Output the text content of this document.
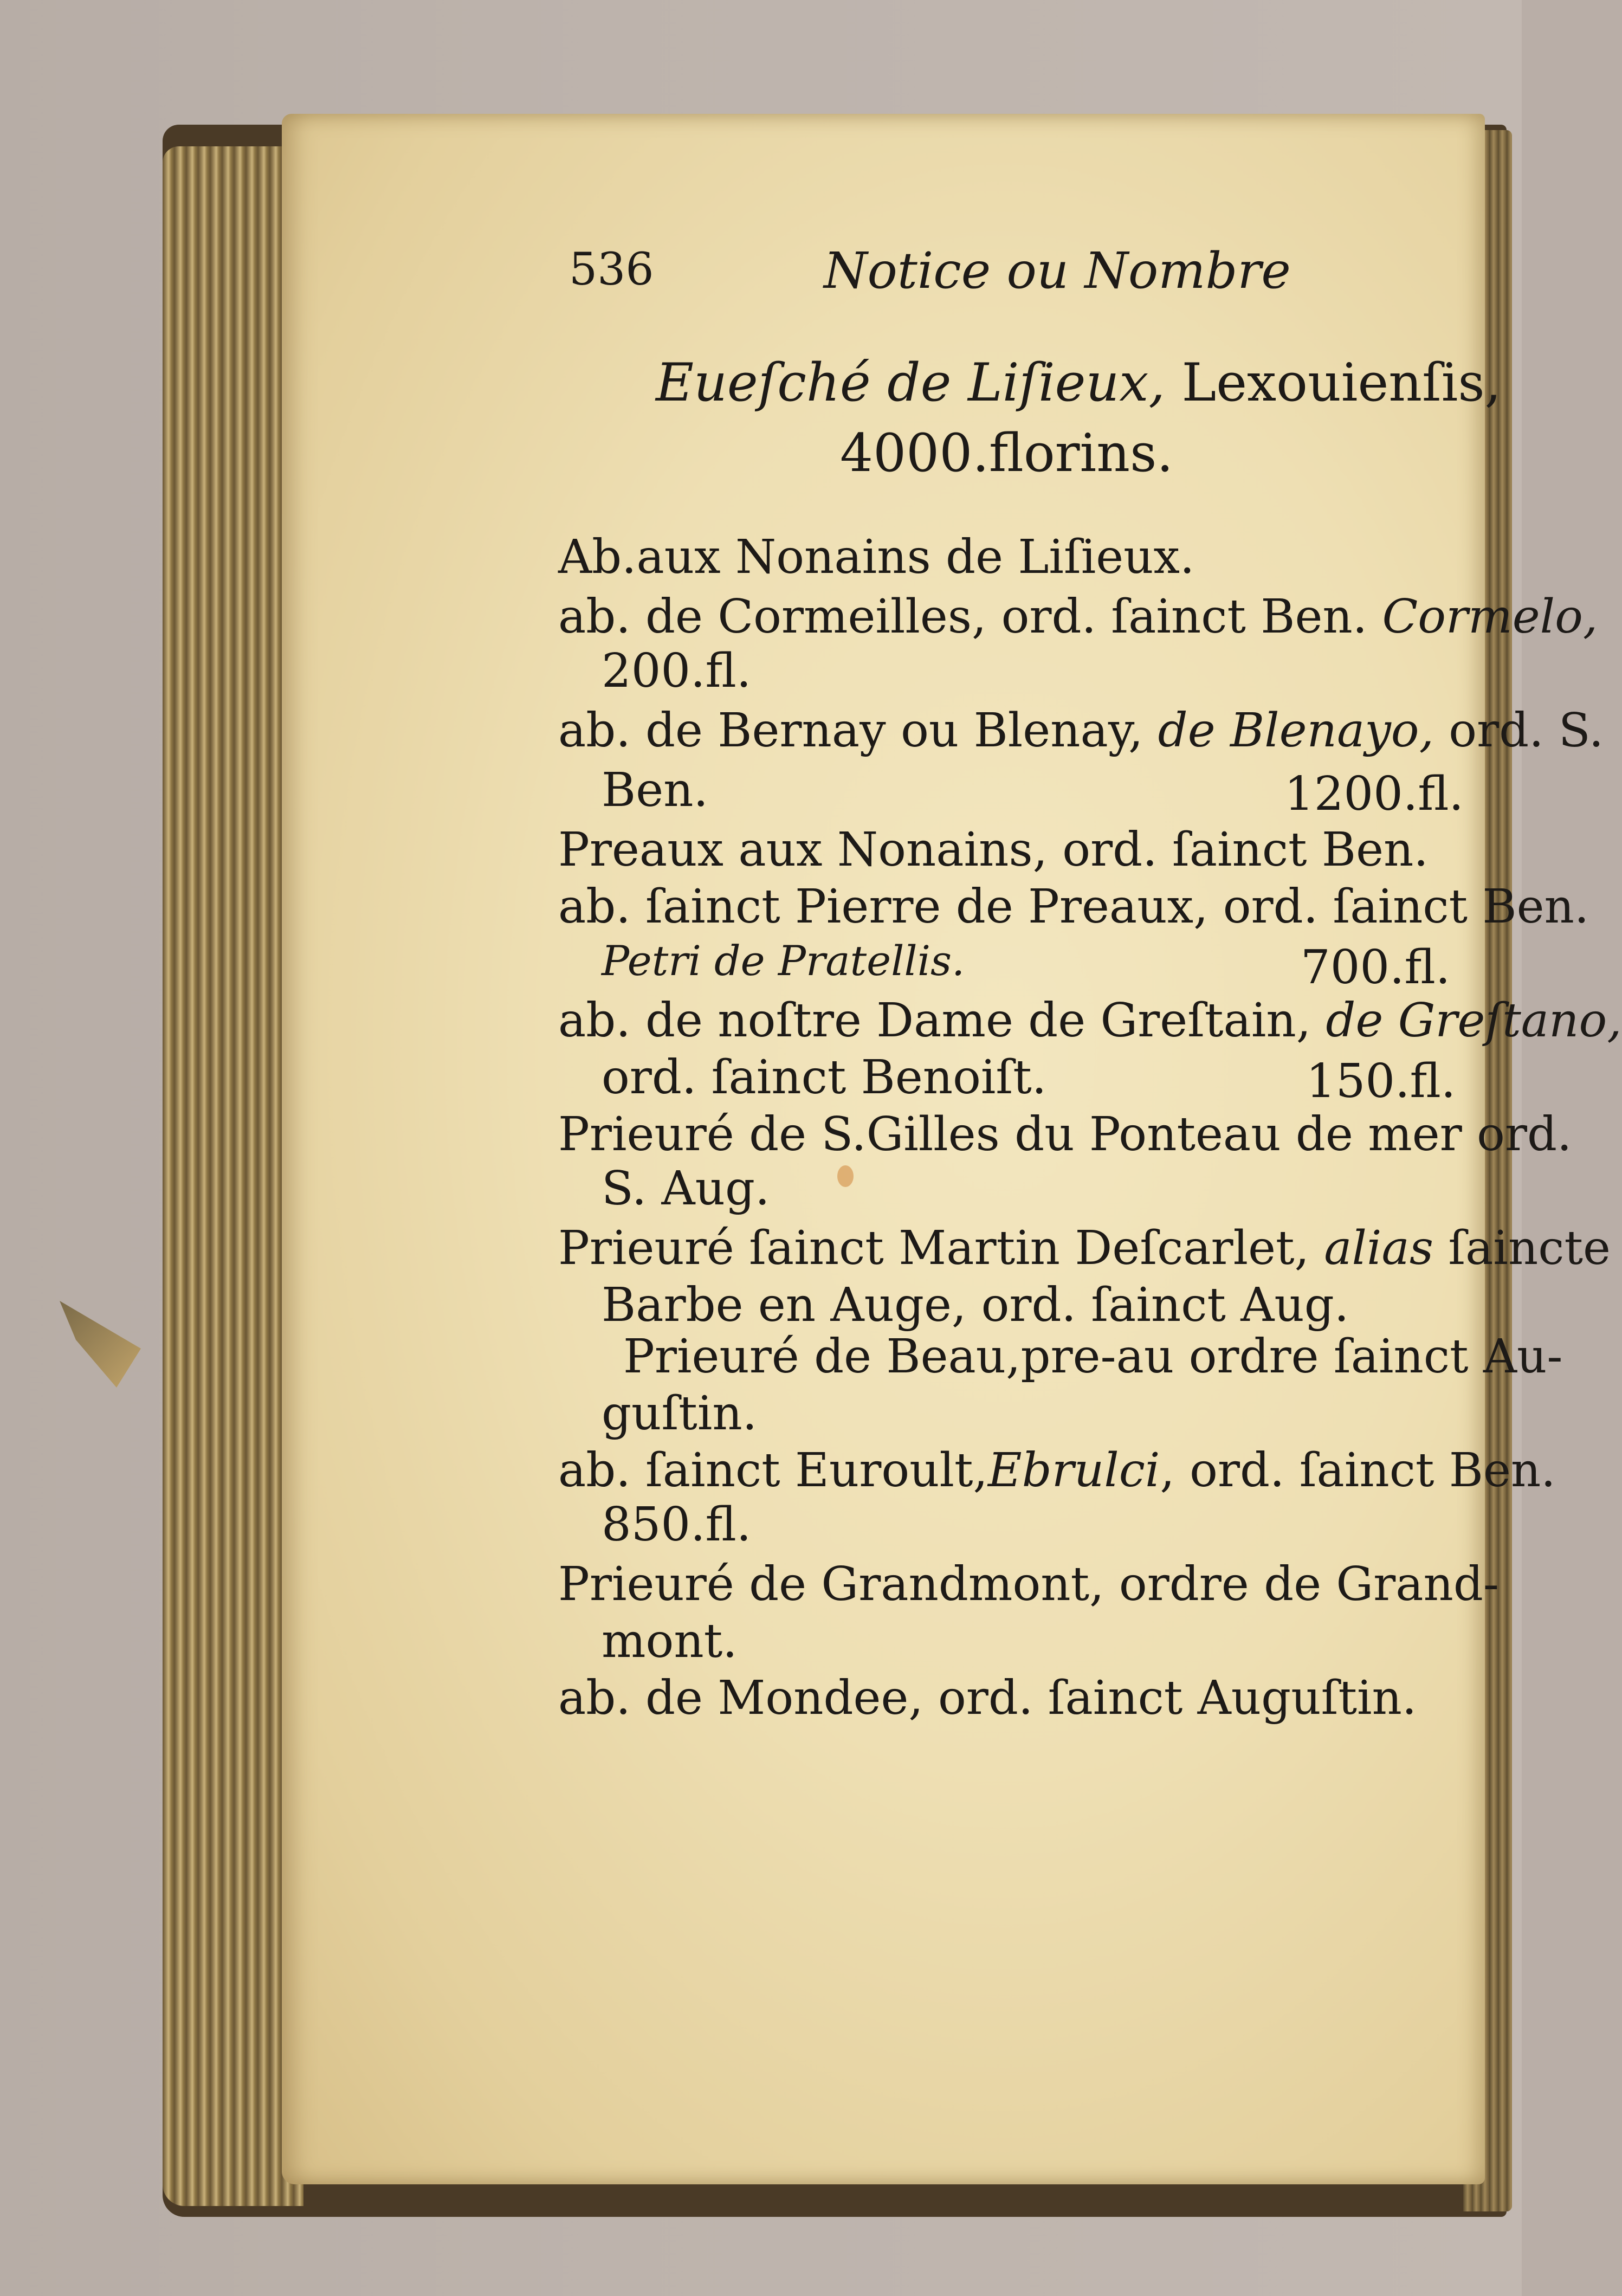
536	Notice ou Nombre
Eueſché de Liſieux, Lexouienſis,
4000.florins.
Ab.aux Nonains de Liſieux.
ab. de Cormeilles, ord. ſainct Ben. Cormelo,
200.fl.
ab. de Bernay ou Blenay, de Blenayo, ord. S.
Ben.	1200.fl.
Preaux aux Nonains, ord. ſainct Ben.
ab. ſainct Pierre de Preaux, ord. ſainct Ben.
Petri de Pratellis.	700.fl.
ab. de noſtre Dame de Greſtain, de Greſtano,
ord. ſainct Benoiſt.	150.fl.
Prieuré de S.Gilles du Ponteau de mer ord.
S. Aug.
Prieuré ſainct Martin Deſcarlet, alias ſaincte
Barbe en Auge, ord. ſainct Aug.
Prieuré de Beau,pre-au ordre ſainct Au-
guſtin.
ab. ſainct Euroult,Ebrulci, ord. ſainct Ben.
850.fl.
Prieuré de Grandmont, ordre de Grand-
mont.
ab. de Mondee, ord. ſainct Auguſtin.
